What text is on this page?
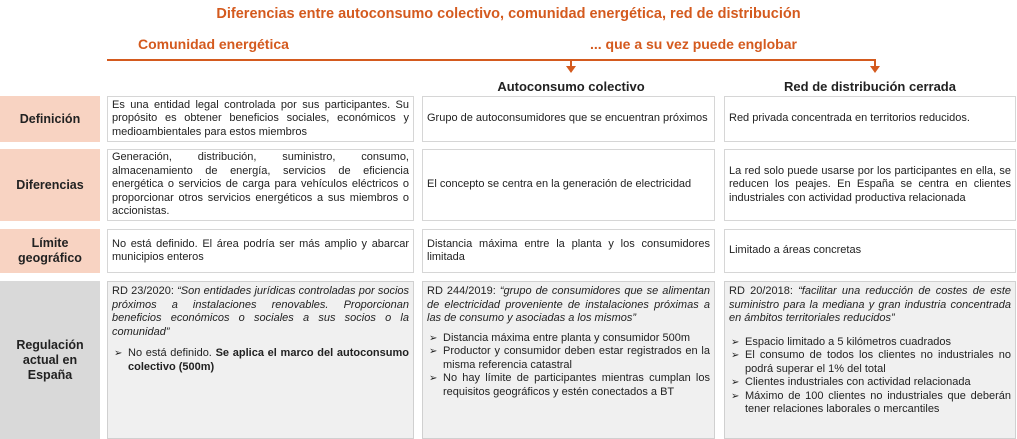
Diferencias entre autoconsumo colectivo, comunidad energética, red de distribución
Comunidad energética	... que a su vez puede englobar
Autoconsumo colectivo	Red de distribución cerrada
Definición
Es una entidad legal controlada por sus participantes. Su propósito es obtener beneficios sociales, económicos y medioambientales para estos miembros
Grupo de autoconsumidores que se encuentran próximos Red privada concentrada en territorios reducidos.
Diferencias
Generación, distribución, suministro, consumo, almacenamiento de energía, servicios de eficiencia energética o servicios de carga para vehículos eléctricos o proporcionar otros servicios energéticos a sus miembros o accionistas.
El concepto se centra en la generación de electricidad
La red solo puede usarse por los participantes en ella, se reducen los peajes. En España se centra en clientes industriales con actividad productiva relacionada
Límite geográfico
No está definido. El área podría ser más amplio y abarcar municipios enteros
Distancia máxima entre la planta y los consumidores limitada
Limitado a áreas concretas
Regulación actual en España
RD 23/2020: “Son entidades jurídicas controladas por socios próximos a instalaciones renovables. Proporcionan beneficios económicos o sociales a sus socios o la comunidad”
➢ No está definido. Se aplica el marco del autoconsumo colectivo (500m)
RD 244/2019: “grupo de consumidores que se alimentan de electricidad proveniente de instalaciones próximas a las de consumo y asociadas a los mismos”
➢ Distancia máxima entre planta y consumidor 500m
➢ Productor y consumidor deben estar registrados en la misma referencia catastral
➢ No hay límite de participantes mientras cumplan los requisitos geográficos y estén conectados a BT
RD 20/2018: “facilitar una reducción de costes de este suministro para la mediana y gran industria concentrada en ámbitos territoriales reducidos”
➢ Espacio limitado a 5 kilómetros cuadrados
➢ El consumo de todos los clientes no industriales no podrá superar el 1% del total
➢ Clientes industriales con actividad relacionada
➢ Máximo de 100 clientes no industriales que deberán tener relaciones laborales o mercantiles
